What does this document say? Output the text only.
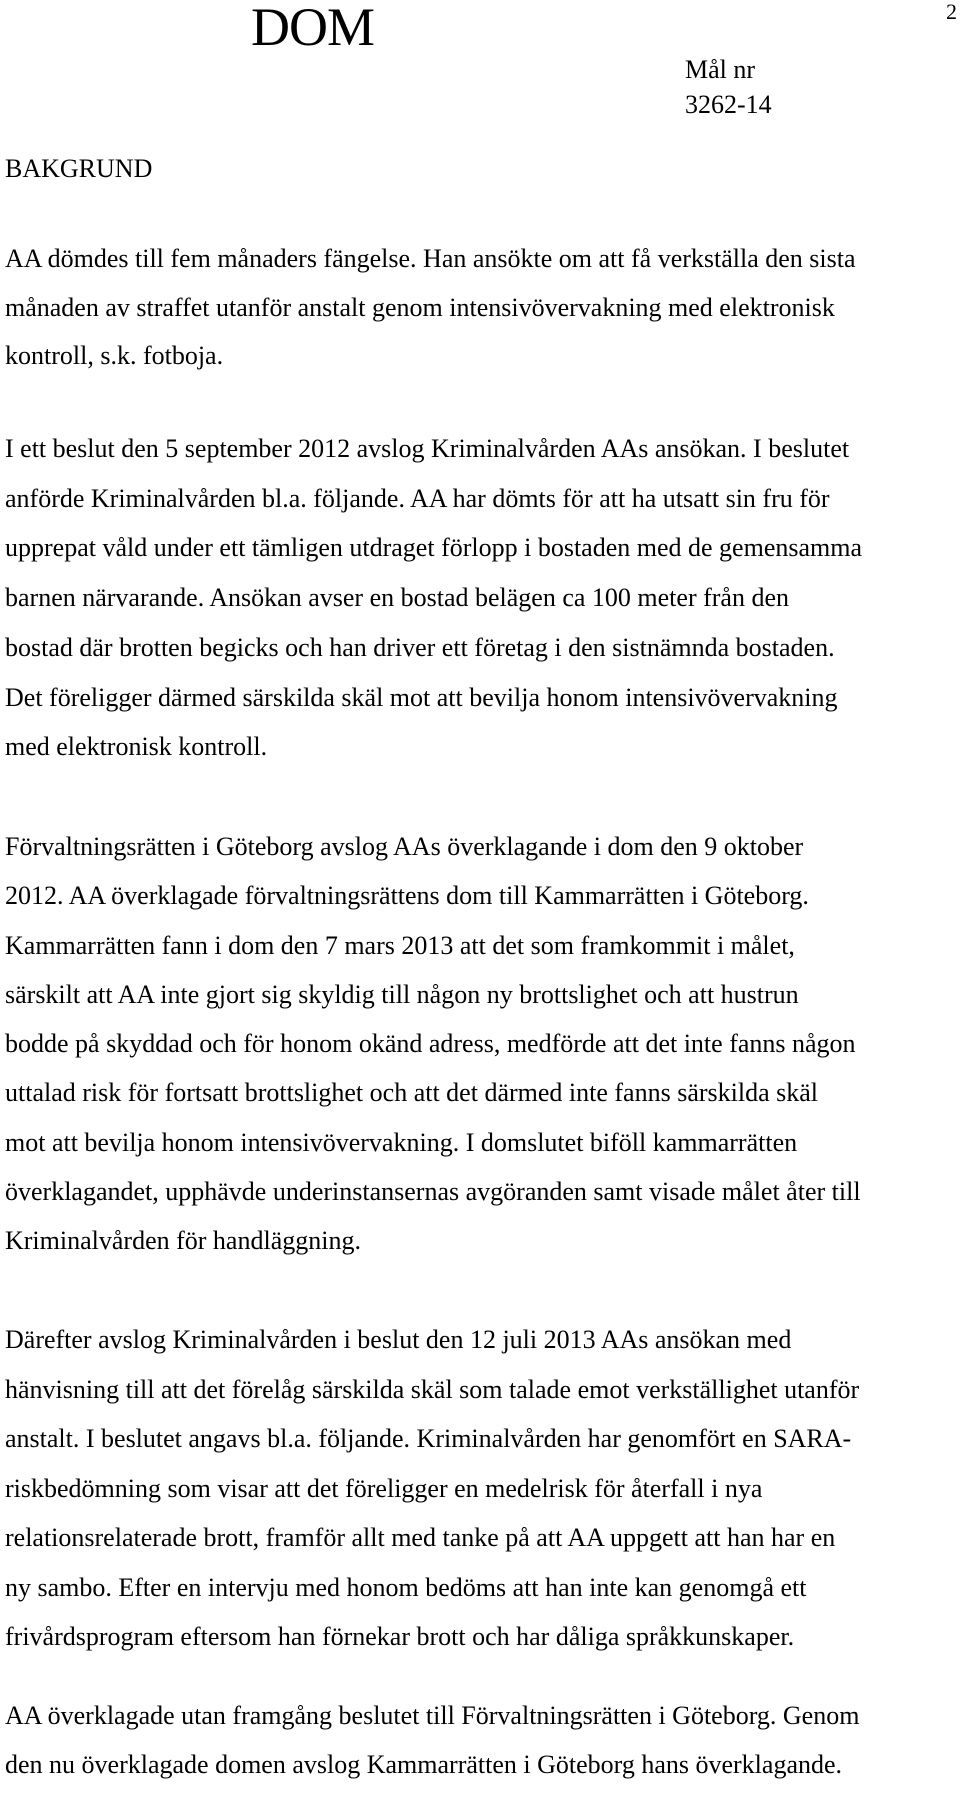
DOM	2
Mål nr
3262-14
BAKGRUND
AA dömdes till fem månaders fängelse. Han ansökte om att få verkställa den sista
månaden av straffet utanför anstalt genom intensivövervakning med elektronisk
kontroll, s.k. fotboja.
I ett beslut den 5 september 2012 avslog Kriminalvården AAs ansökan. I beslutet
anförde Kriminalvården bl.a. följande. AA har dömts för att ha utsatt sin fru för
upprepat våld under ett tämligen utdraget förlopp i bostaden med de gemensamma
barnen närvarande. Ansökan avser en bostad belägen ca 100 meter från den
bostad där brotten begicks och han driver ett företag i den sistnämnda bostaden.
Det föreligger därmed särskilda skäl mot att bevilja honom intensivövervakning
med elektronisk kontroll.
Förvaltningsrätten i Göteborg avslog AAs överklagande i dom den 9 oktober
2012. AA överklagade förvaltningsrättens dom till Kammarrätten i Göteborg.
Kammarrätten fann i dom den 7 mars 2013 att det som framkommit i målet,
särskilt att AA inte gjort sig skyldig till någon ny brottslighet och att hustrun
bodde på skyddad och för honom okänd adress, medförde att det inte fanns någon
uttalad risk för fortsatt brottslighet och att det därmed inte fanns särskilda skäl
mot att bevilja honom intensivövervakning. I domslutet biföll kammarrätten
överklagandet, upphävde underinstansernas avgöranden samt visade målet åter till
Kriminalvården för handläggning.
Därefter avslog Kriminalvården i beslut den 12 juli 2013 AAs ansökan med
hänvisning till att det förelåg särskilda skäl som talade emot verkställighet utanför
anstalt. I beslutet angavs bl.a. följande. Kriminalvården har genomfört en SARA-
riskbedömning som visar att det föreligger en medelrisk för återfall i nya
relationsrelaterade brott, framför allt med tanke på att AA uppgett att han har en
ny sambo. Efter en intervju med honom bedöms att han inte kan genomgå ett
frivårdsprogram eftersom han förnekar brott och har dåliga språkkunskaper.
AA överklagade utan framgång beslutet till Förvaltningsrätten i Göteborg. Genom
den nu överklagade domen avslog Kammarrätten i Göteborg hans överklagande.
